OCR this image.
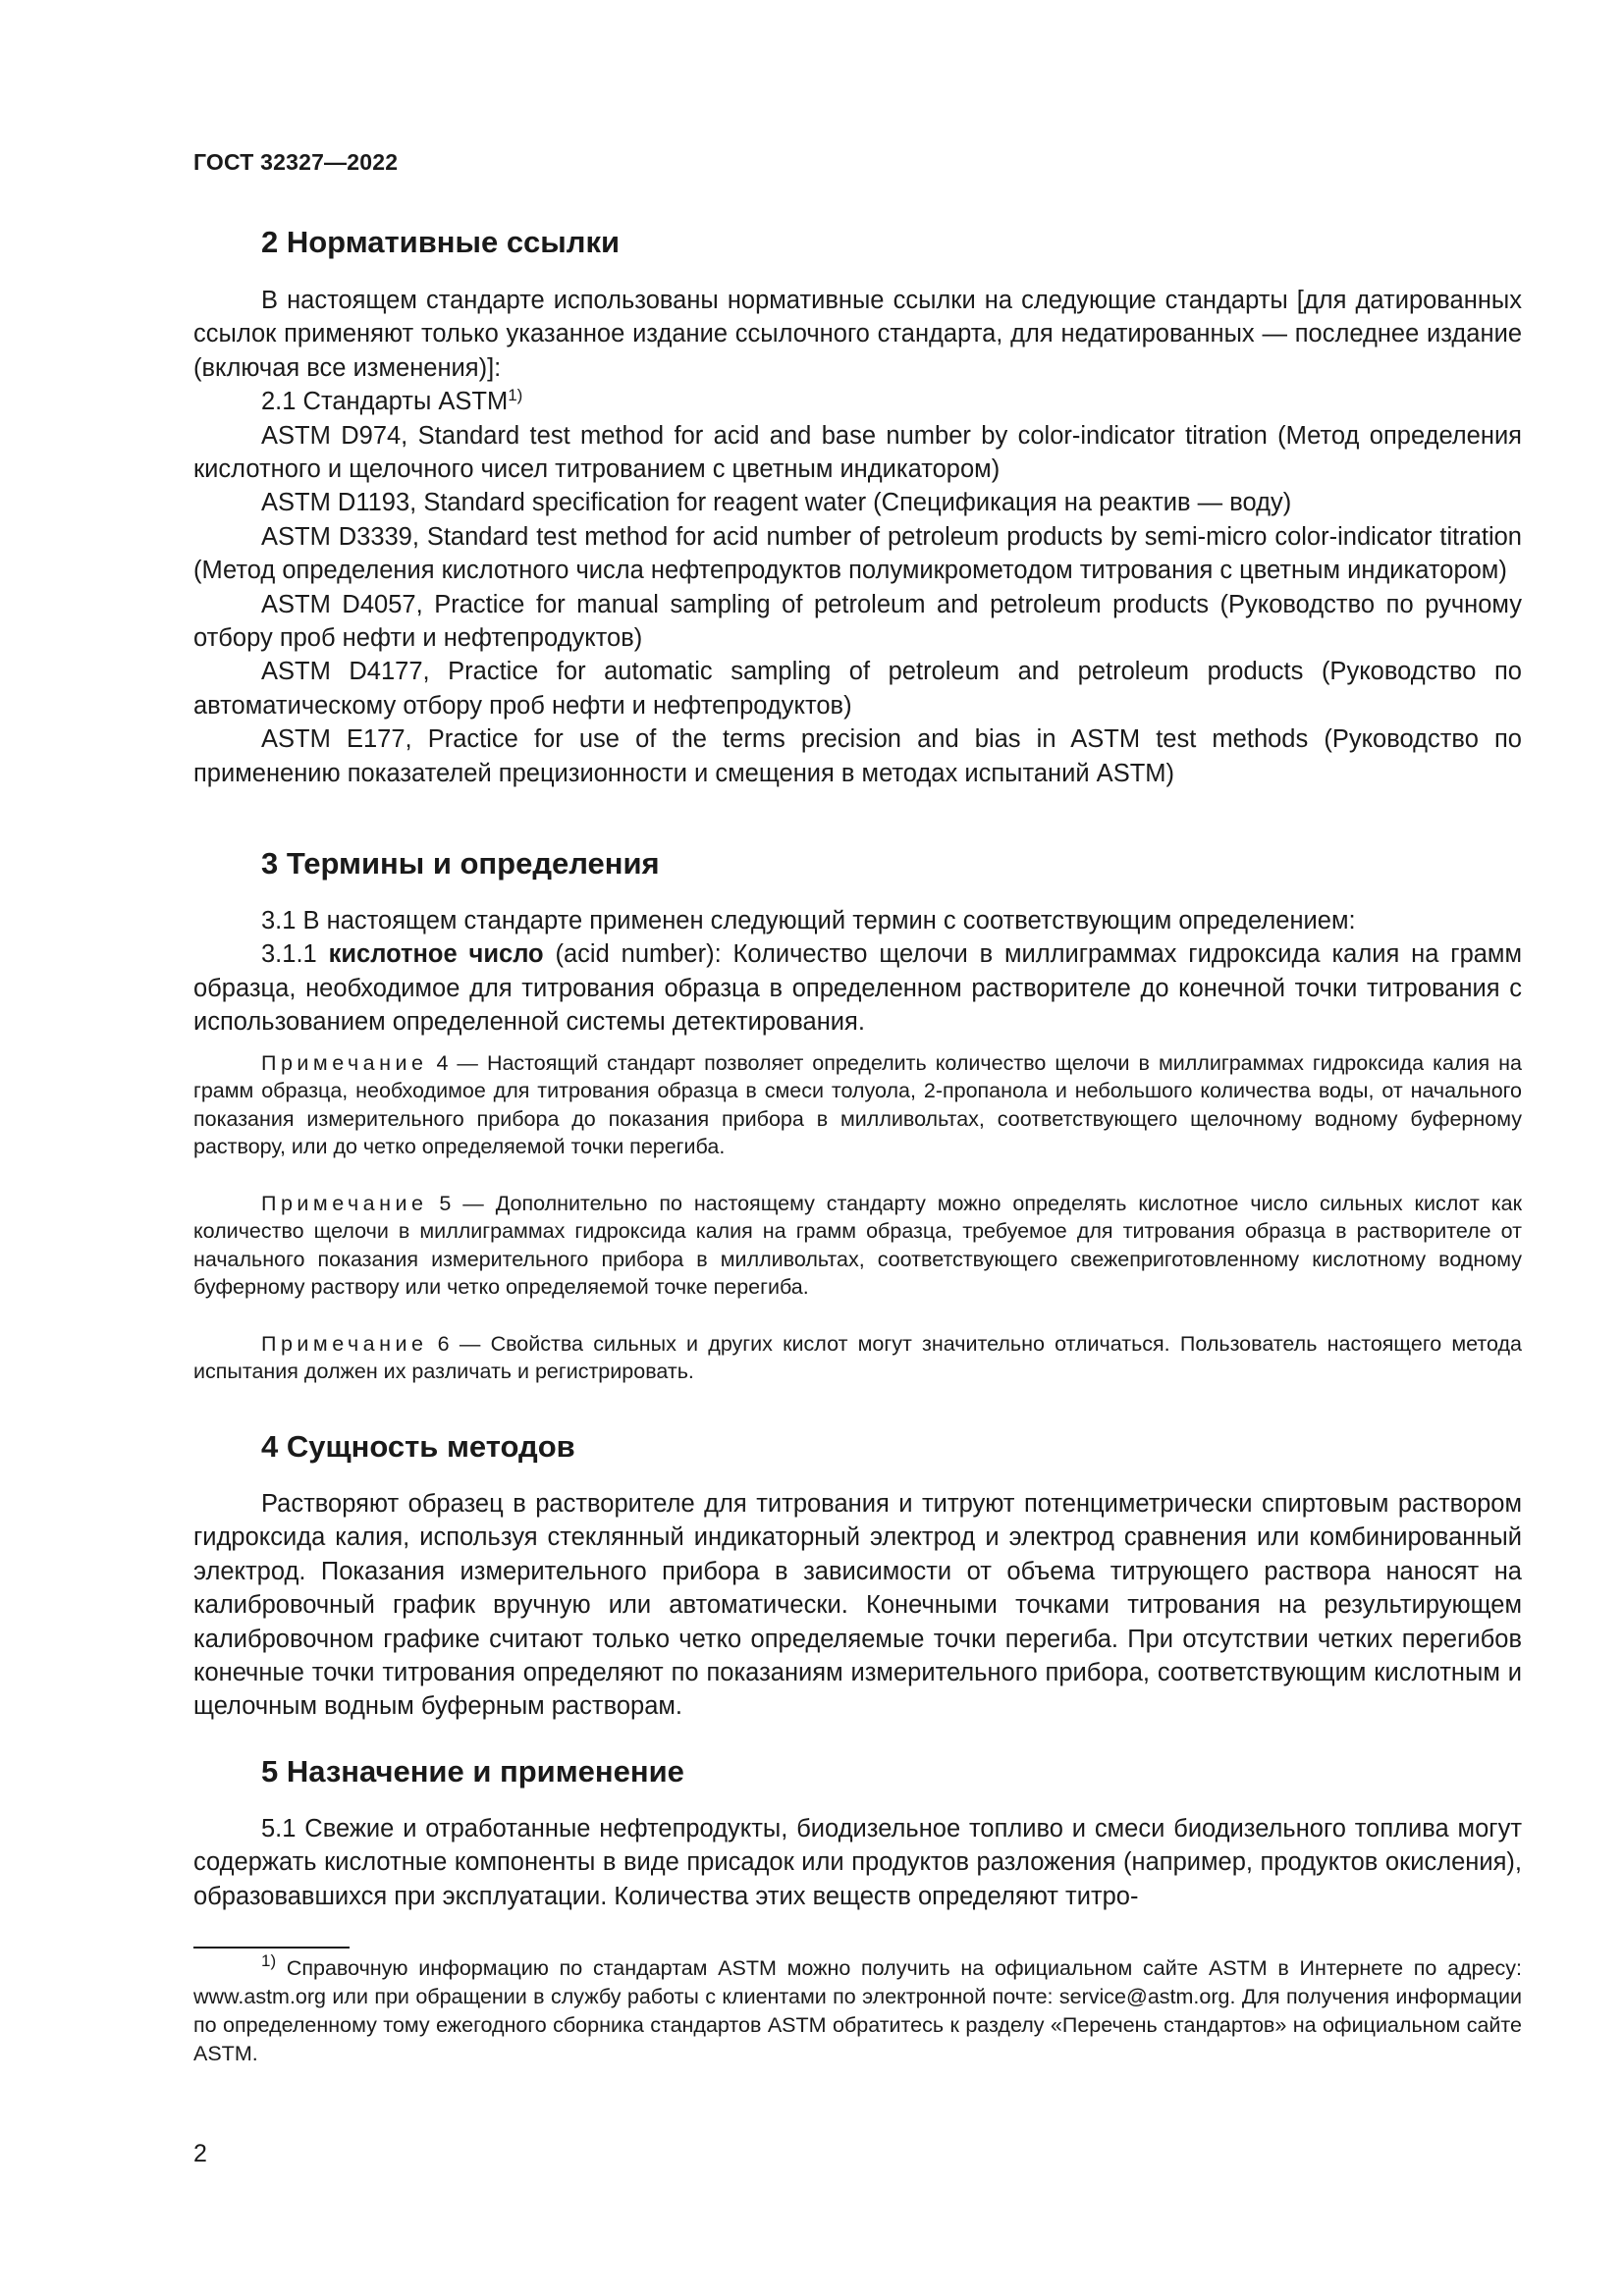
ГОСТ 32327—2022
2 Нормативные ссылки

В настоящем стандарте использованы нормативные ссылки на следующие стандарты [для датированных ссылок применяют только указанное издание ссылочного стандарта, для недатированных — последнее издание (включая все изменения)]:

2.1 Стандарты ASTM$^{1)}$

ASTM D974, Standard test method for acid and base number by color-indicator titration (Метод определения кислотного и щелочного чисел титрованием с цветным индикатором)

ASTM D1193, Standard specification for reagent water (Спецификация на реактив — воду)

ASTM D3339, Standard test method for acid number of petroleum products by semi-micro color-indicator titration (Метод определения кислотного числа нефтепродуктов полумикрометодом титрования с цветным индикатором)

ASTM D4057, Practice for manual sampling of petroleum and petroleum products (Руководство по ручному отбору проб нефти и нефтепродуктов)

ASTM D4177, Practice for automatic sampling of petroleum and petroleum products (Руководство по автоматическому отбору проб нефти и нефтепродуктов)

ASTM E177, Practice for use of the terms precision and bias in ASTM test methods (Руководство по применению показателей прецизионности и смещения в методах испытаний ASTM)

3 Термины и определения

3.1 В настоящем стандарте применен следующий термин с соответствующим определением:

3.1.1 кислотное число (acid number): Количество щелочи в миллиграммах гидроксида калия на грамм образца, необходимое для титрования образца в определенном растворителе до конечной точки титрования с использованием определенной системы детектирования.

Примечание 4 — Настоящий стандарт позволяет определить количество щелочи в миллиграммах гидроксида калия на грамм образца, необходимое для титрования образца в смеси толуола, 2-пропанола и небольшого количества воды, от начального показания измерительного прибора до показания прибора в милливольтах, соответствующего щелочному водному буферному раствору, или до четко определяемой точки перегиба.

Примечание 5 — Дополнительно по настоящему стандарту можно определять кислотное число сильных кислот как количество щелочи в миллиграммах гидроксида калия на грамм образца, требуемое для титрования образца в растворителе от начального показания измерительного прибора в милливольтах, соответствующего свежеприготовленному кислотному водному буферному раствору или четко определяемой точке перегиба.

Примечание 6 — Свойства сильных и других кислот могут значительно отличаться. Пользователь настоящего метода испытания должен их различать и регистрировать.

4 Сущность методов

Растворяют образец в растворителе для титрования и титруют потенциметрически спиртовым раствором гидроксида калия, используя стеклянный индикаторный электрод и электрод сравнения или комбинированный электрод. Показания измерительного прибора в зависимости от объема титрующего раствора наносят на калибровочный график вручную или автоматически. Конечными точками титрования на результирующем калибровочном графике считают только четко определяемые точки перегиба. При отсутствии четких перегибов конечные точки титрования определяют по показаниям измерительного прибора, соответствующим кислотным и щелочным водным буферным растворам.

5 Назначение и применение

5.1 Свежие и отработанные нефтепродукты, биодизельное топливо и смеси биодизельного топлива могут содержать кислотные компоненты в виде присадок или продуктов разложения (например, продуктов окисления), образовавшихся при эксплуатации. Количества этих веществ определяют титро-

$^{1)}$ Справочную информацию по стандартам ASTM можно получить на официальном сайте ASTM в Интернете по адресу: www.astm.org или при обращении в службу работы с клиентами по электронной почте: service@astm.org. Для получения информации по определенному тому ежегодного сборника стандартов ASTM обратитесь к разделу «Перечень стандартов» на официальном сайте ASTM.

2
